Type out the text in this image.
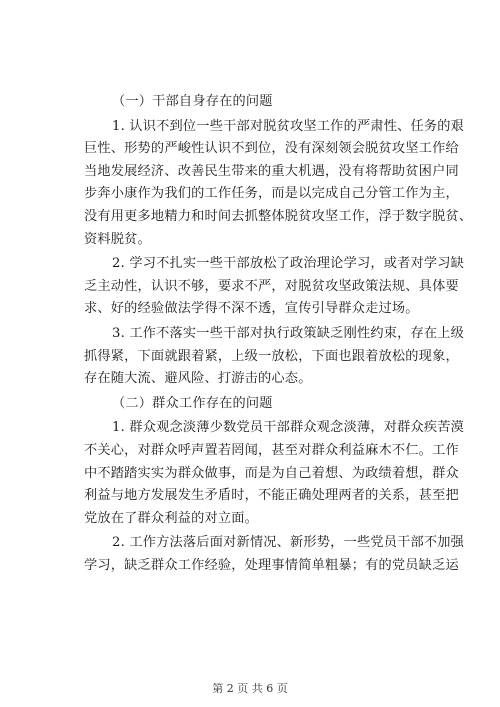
（一）干部自身存在的问题
1. 认识不到位一些干部对脱贫攻坚工作的严肃性、任务的艰
巨性、形势的严峻性认识不到位，没有深刻领会脱贫攻坚工作给
当地发展经济、改善民生带来的重大机遇，没有将帮助贫困户同
步奔小康作为我们的工作任务，而是以完成自己分管工作为主，
没有用更多地精力和时间去抓整体脱贫攻坚工作，浮于数字脱贫、
资料脱贫。
2. 学习不扎实一些干部放松了政治理论学习，或者对学习缺
乏主动性，认识不够，要求不严，对脱贫攻坚政策法规、具体要
求、好的经验做法学得不深不透，宣传引导群众走过场。
3. 工作不落实一些干部对执行政策缺乏刚性约束，存在上级
抓得紧，下面就跟着紧，上级一放松，下面也跟着放松的现象，
存在随大流、避风险、打游击的心态。
（二）群众工作存在的问题
1. 群众观念淡薄少数党员干部群众观念淡薄，对群众疾苦漠
不关心，对群众呼声置若罔闻，甚至对群众利益麻木不仁。工作
中不踏踏实实为群众做事，而是为自己着想、为政绩着想，群众
利益与地方发展发生矛盾时，不能正确处理两者的关系，甚至把
党放在了群众利益的对立面。
2. 工作方法落后面对新情况、新形势，一些党员干部不加强
学习，缺乏群众工作经验，处理事情简单粗暴；有的党员缺乏运
第 2 页 共 6 页
